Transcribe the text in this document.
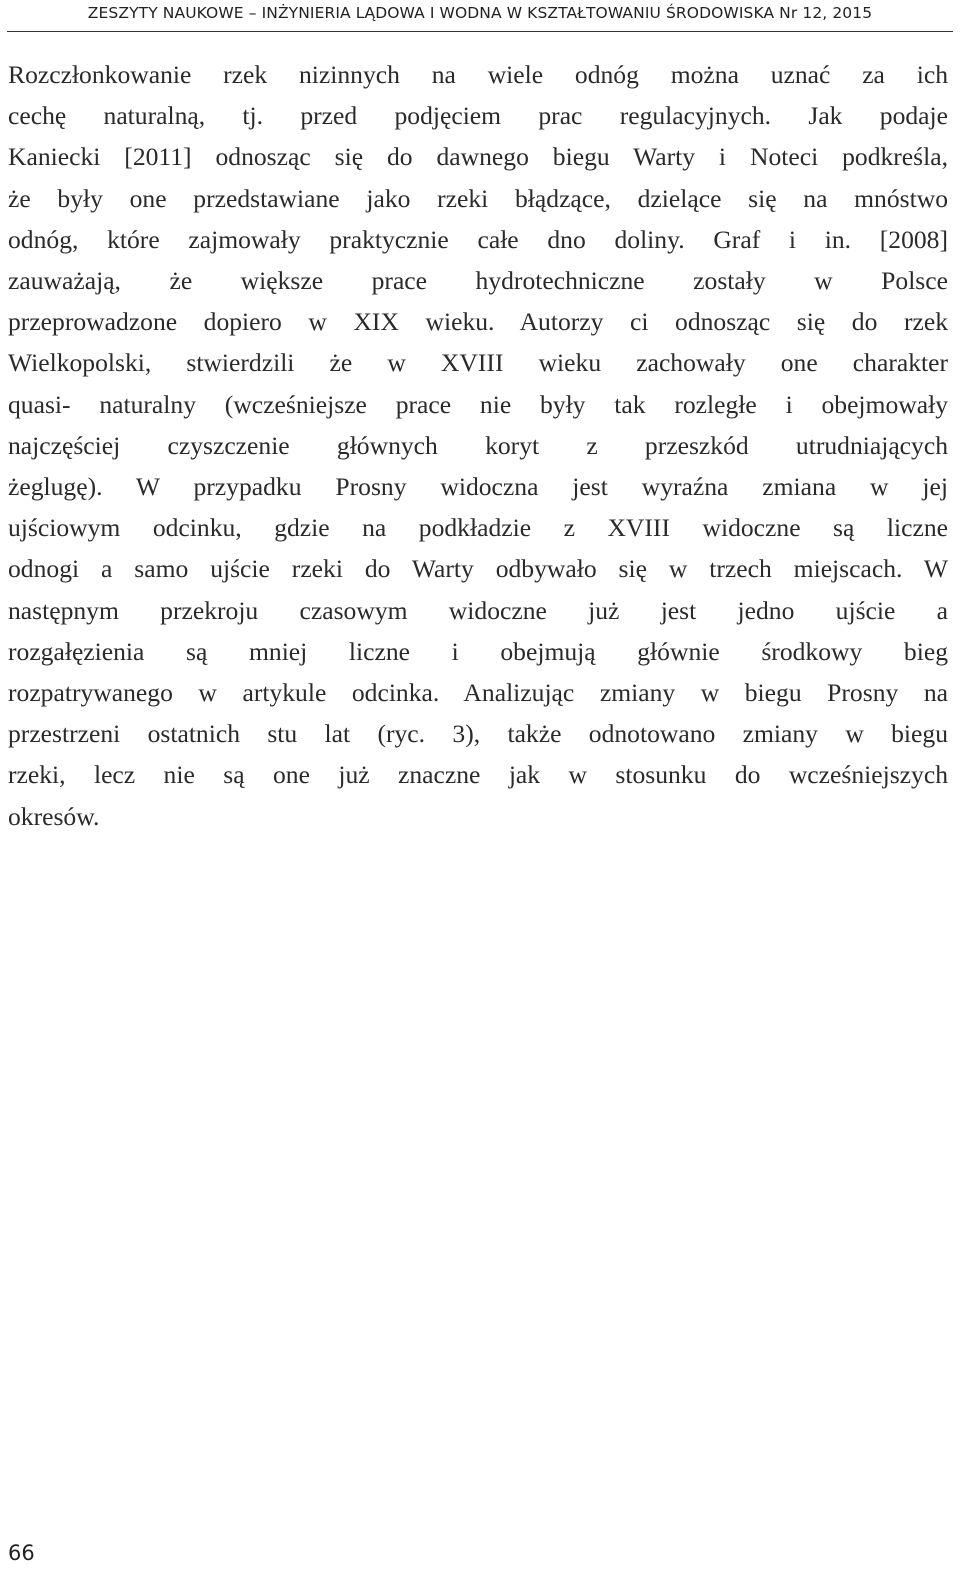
ZESZYTY NAUKOWE – INŻYNIERIA LĄDOWA I WODNA W KSZTAŁTOWANIU ŚRODOWISKA Nr 12, 2015
Rozczłonkowanie rzek nizinnych na wiele odnóg można uznać za ich
cechę naturalną, tj. przed podjęciem prac regulacyjnych. Jak podaje
Kaniecki [2011] odnosząc się do dawnego biegu Warty i Noteci podkreśla,
że były one przedstawiane jako rzeki błądzące, dzielące się na mnóstwo
odnóg, które zajmowały praktycznie całe dno doliny. Graf i in. [2008]
zauważają, że większe prace hydrotechniczne zostały w Polsce
przeprowadzone dopiero w XIX wieku. Autorzy ci odnosząc się do rzek
Wielkopolski, stwierdzili że w XVIII wieku zachowały one charakter
quasi- naturalny (wcześniejsze prace nie były tak rozległe i obejmowały
najczęściej czyszczenie głównych koryt z przeszkód utrudniających
żeglugę). W przypadku Prosny widoczna jest wyraźna zmiana w jej
ujściowym odcinku, gdzie na podkładzie z XVIII widoczne są liczne
odnogi a samo ujście rzeki do Warty odbywało się w trzech miejscach. W
następnym przekroju czasowym widoczne już jest jedno ujście a
rozgałęzienia są mniej liczne i obejmują głównie środkowy bieg
rozpatrywanego w artykule odcinka. Analizując zmiany w biegu Prosny na
przestrzeni ostatnich stu lat (ryc. 3), także odnotowano zmiany w biegu
rzeki, lecz nie są one już znaczne jak w stosunku do wcześniejszych
okresów.
66
